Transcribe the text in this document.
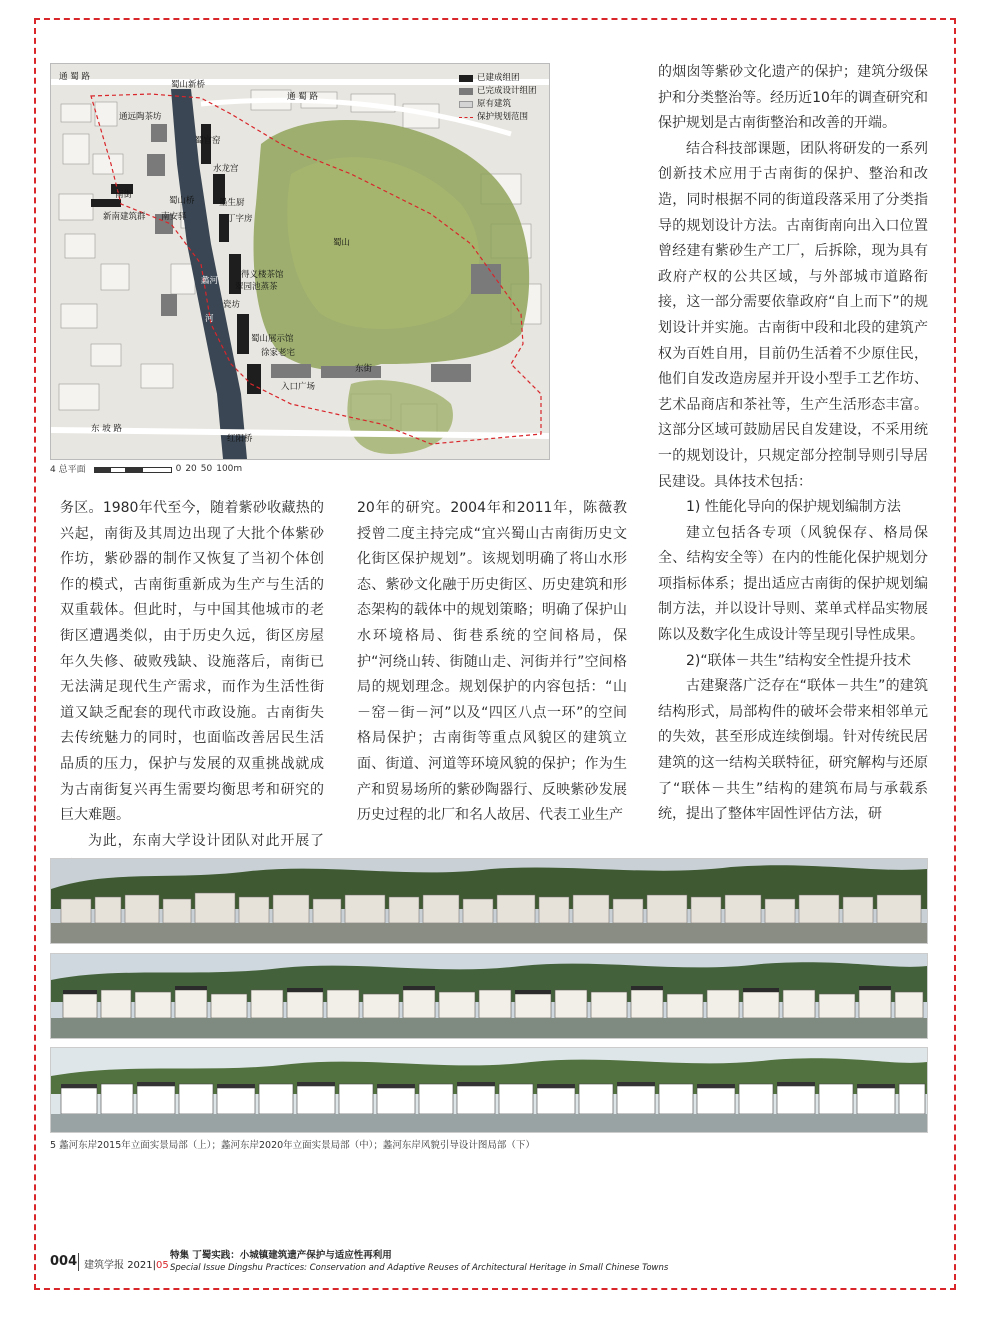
通 蜀 路
蜀山新桥
通 蜀 路
东 坡 路
红阳桥
通远陶茶坊
蜀官窑
水龙宫
南街
蜀山桥	墨生厨
丁字房
新南建筑群 南安驿
蜀山
得义楼茶馆
翠园池蒸茶
蠡河
河
瓷坊
蜀山展示馆
徐家老宅
东街
入口广场
已建成组团
已完成设计组团
原有建筑
保护规划范围
4 总平面	0 20 50 100m

务区。1980年代至今，随着紫砂收藏热的兴起，南街及其周边出现了大批个体紫砂作坊，紫砂器的制作又恢复了当初个体创作的模式，古南街重新成为生产与生活的双重载体。但此时，与中国其他城市的老街区遭遇类似，由于历史久远，街区房屋年久失修、破败残缺、设施落后，南街已无法满足现代生产需求，而作为生活性街道又缺乏配套的现代市政设施。古南街失去传统魅力的同时，也面临改善居民生活品质的压力，保护与发展的双重挑战就成为古南街复兴再生需要均衡思考和研究的巨大难题。

为此，东南大学设计团队对此开展了

20年的研究。2004年和2011年，陈薇教授曾二度主持完成“宜兴蜀山古南街历史文化街区保护规划”。该规划明确了将山水形态、紫砂文化融于历史街区、历史建筑和形态架构的载体中的规划策略；明确了保护山水环境格局、街巷系统的空间格局，保护“河绕山转、街随山走、河街并行”空间格局的规划理念。规划保护的内容包括：“山－窑－街－河”以及“四区八点一环”的空间格局保护；古南街等重点风貌区的建筑立面、街道、河道等环境风貌的保护；作为生产和贸易场所的紫砂陶器行、反映紫砂发展历史过程的北厂和名人故居、代表工业生产

的烟囱等紫砂文化遗产的保护；建筑分级保护和分类整治等。经历近10年的调查研究和保护规划是古南街整治和改善的开端。

结合科技部课题，团队将研发的一系列创新技术应用于古南街的保护、整治和改造，同时根据不同的街道段落采用了分类指导的规划设计方法。古南街南向出入口位置曾经建有紫砂生产工厂，后拆除，现为具有政府产权的公共区域，与外部城市道路衔接，这一部分需要依靠政府“自上而下”的规划设计并实施。古南街中段和北段的建筑产权为百姓自用，目前仍生活着不少原住民，他们自发改造房屋并开设小型手工艺作坊、艺术品商店和茶社等，生产生活形态丰富。这部分区域可鼓励居民自发建设，不采用统一的规划设计，只规定部分控制导则引导居民建设。具体技术包括：

1) 性能化导向的保护规划编制方法

建立包括各专项（风貌保存、格局保全、结构安全等）在内的性能化保护规划分项指标体系；提出适应古南街的保护规划编制方法，并以设计导则、菜单式样品实物展陈以及数字化生成设计等呈现引导性成果。

2)“联体－共生”结构安全性提升技术

古建聚落广泛存在“联体－共生”的建筑结构形式，局部构件的破坏会带来相邻单元的失效，甚至形成连续倒塌。针对传统民居建筑的这一结构关联特征，研究解构与还原了“联体－共生”结构的建筑布局与承载系统，提出了整体牢固性评估方法，研

5 蠡河东岸2015年立面实景局部（上）；蠡河东岸2020年立面实景局部（中）；蠡河东岸风貌引导设计图局部（下）
004 建筑学报 2021|05
特集 丁蜀实践：小城镇建筑遗产保护与适应性再利用
Special Issue Dingshu Practices: Conservation and Adaptive Reuses of Architectural Heritage in Small Chinese Towns
